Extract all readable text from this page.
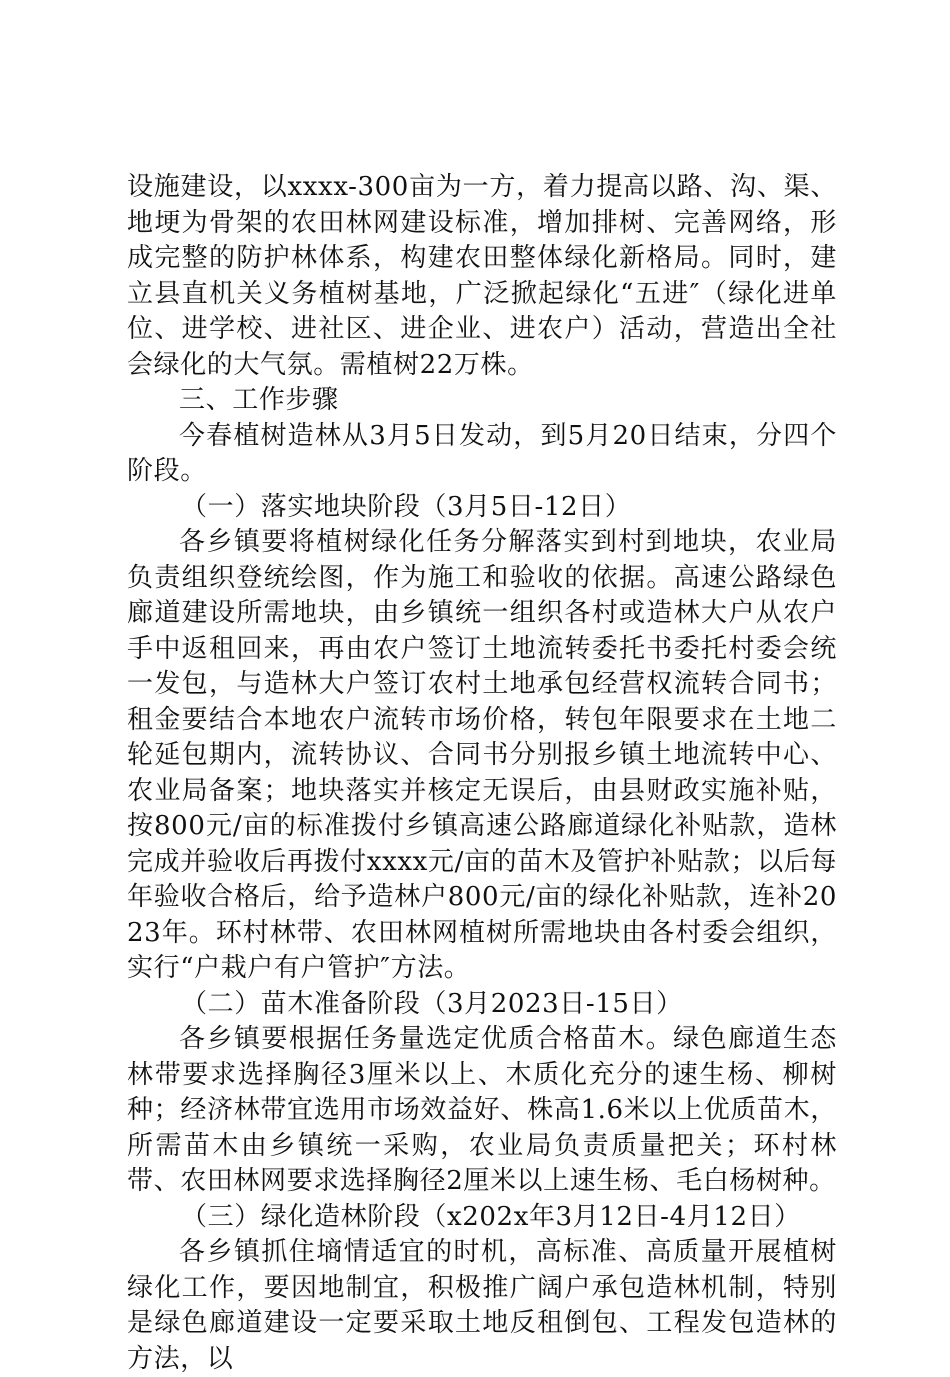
设施建设，以xxxx-300亩为一方，着力提高以路、沟、渠、地埂为骨架的农田林网建设标准，增加排树、完善网络，形成完整的防护林体系，构建农田整体绿化新格局。同时，建立县直机关义务植树基地，广泛掀起绿化“五进″（绿化进单位、进学校、进社区、进企业、进农户）活动，营造出全社会绿化的大气氛。需植树22万株。

三、工作步骤

今春植树造林从3月5日发动，到5月20日结束，分四个阶段。

（一）落实地块阶段（3月5日-12日）

各乡镇要将植树绿化任务分解落实到村到地块，农业局负责组织登统绘图，作为施工和验收的依据。高速公路绿色廊道建设所需地块，由乡镇统一组织各村或造林大户从农户手中返租回来，再由农户签订土地流转委托书委托村委会统一发包，与造林大户签订农村土地承包经营权流转合同书；租金要结合本地农户流转市场价格，转包年限要求在土地二轮延包期内，流转协议、合同书分别报乡镇土地流转中心、农业局备案；地块落实并核定无误后，由县财政实施补贴，按800元/亩的标准拨付乡镇高速公路廊道绿化补贴款，造林完成并验收后再拨付xxxx元/亩的苗木及管护补贴款；以后每年验收合格后，给予造林户800元/亩的绿化补贴款，连补2023年。环村林带、农田林网植树所需地块由各村委会组织，实行“户栽户有户管护″方法。

（二）苗木准备阶段（3月2023日-15日）

各乡镇要根据任务量选定优质合格苗木。绿色廊道生态林带要求选择胸径3厘米以上、木质化充分的速生杨、柳树种；经济林带宜选用市场效益好、株高1.6米以上优质苗木，所需苗木由乡镇统一采购，农业局负责质量把关；环村林带、农田林网要求选择胸径2厘米以上速生杨、毛白杨树种。

（三）绿化造林阶段（x202x年3月12日-4月12日）

各乡镇抓住墒情适宜的时机，高标准、高质量开展植树绿化工作，要因地制宜，积极推广阔户承包造林机制，特别是绿色廊道建设一定要采取土地反租倒包、工程发包造林的方法，以
